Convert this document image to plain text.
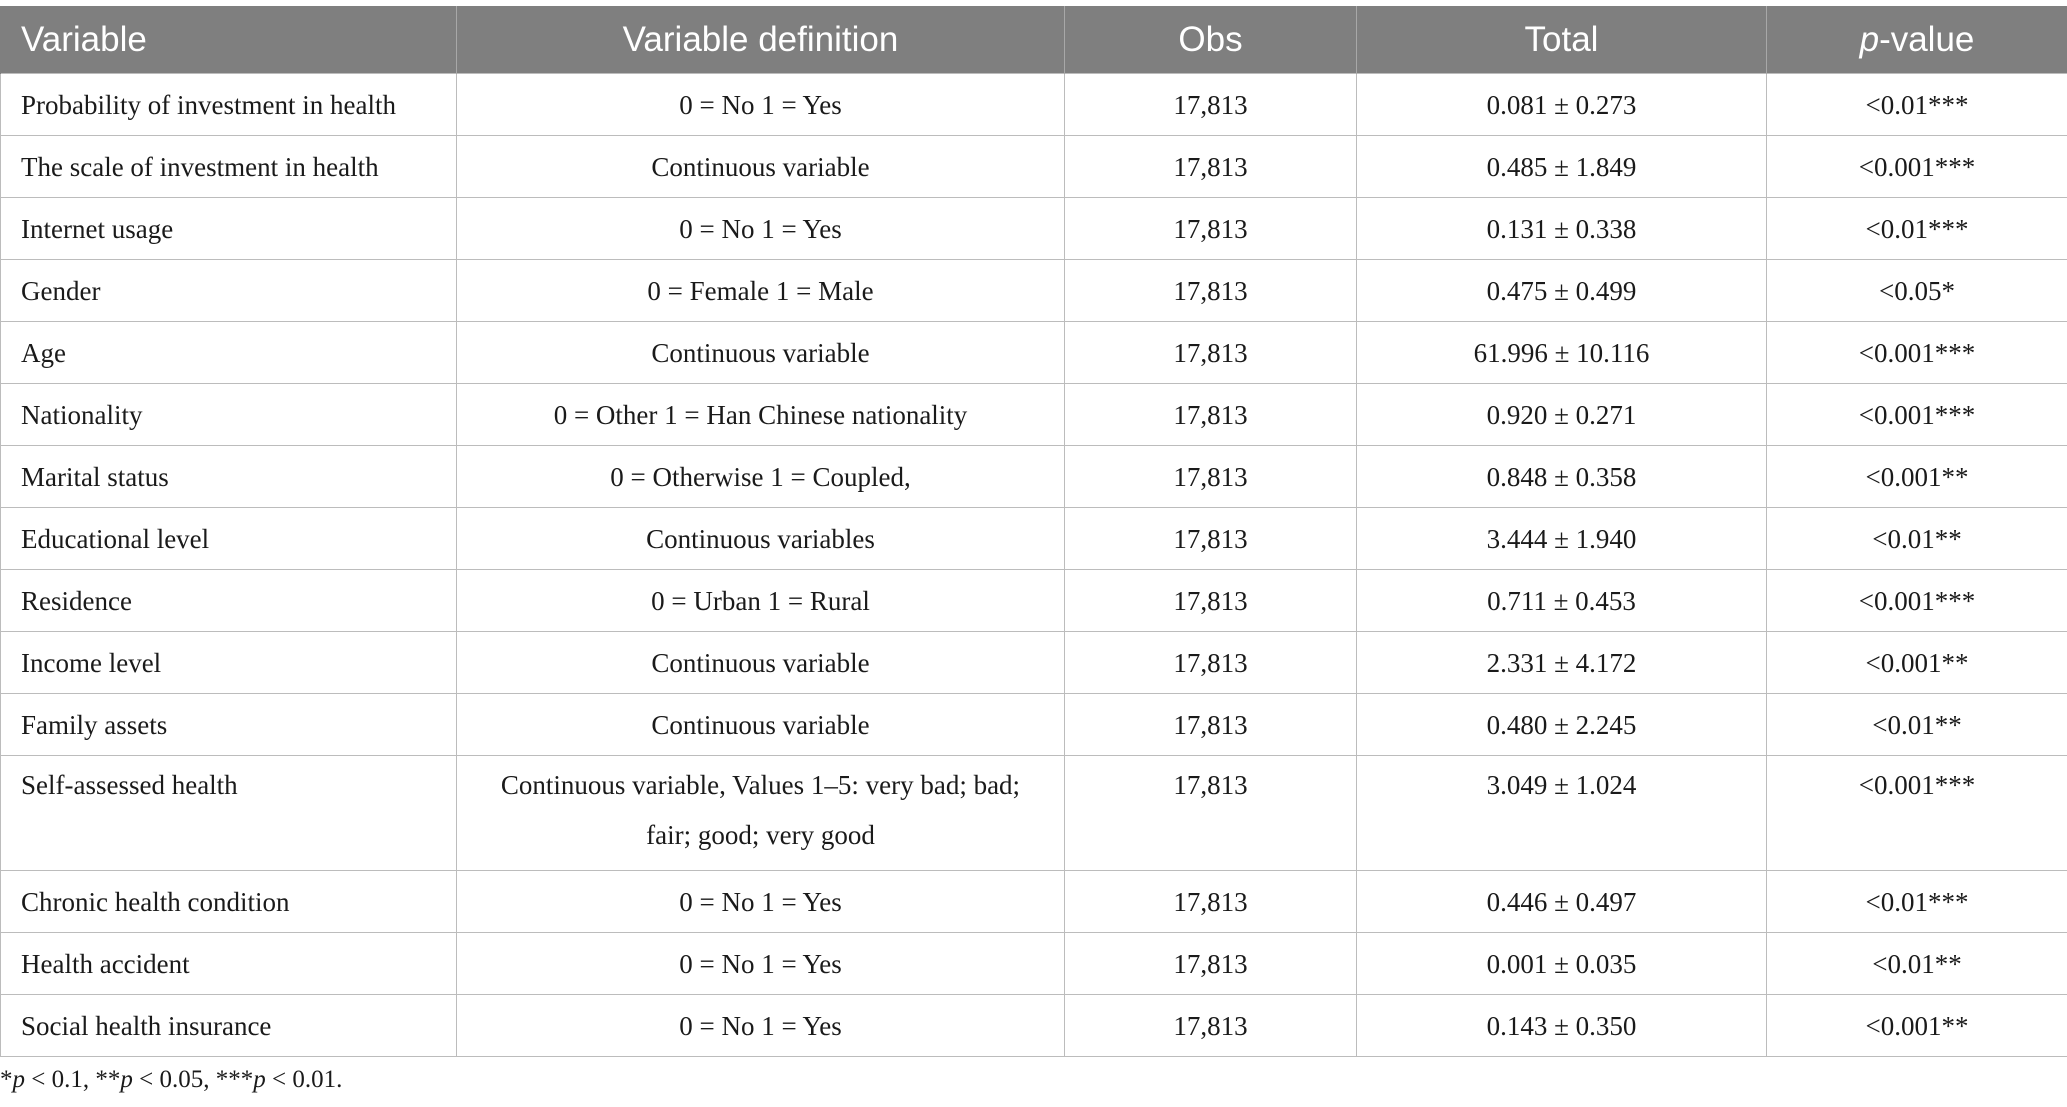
Variable	Variable definition	Obs	Total	p-value
Probability of investment in health	0 = No 1 = Yes	17,813	0.081 ± 0.273	<0.01***
The scale of investment in health	Continuous variable	17,813	0.485 ± 1.849	<0.001***
Internet usage	0 = No 1 = Yes	17,813	0.131 ± 0.338	<0.01***
Gender	0 = Female 1 = Male	17,813	0.475 ± 0.499	<0.05*
Age	Continuous variable	17,813	61.996 ± 10.116	<0.001***
Nationality	0 = Other 1 = Han Chinese nationality	17,813	0.920 ± 0.271	<0.001***
Marital status	0 = Otherwise 1 = Coupled,	17,813	0.848 ± 0.358	<0.001**
Educational level	Continuous variables	17,813	3.444 ± 1.940	<0.01**
Residence	0 = Urban 1 = Rural	17,813	0.711 ± 0.453	<0.001***
Income level	Continuous variable	17,813	2.331 ± 4.172	<0.001**
Family assets	Continuous variable	17,813	0.480 ± 2.245	<0.01**
Self-assessed health	Continuous variable, Values 1–5: very bad; bad;
fair; good; very good	17,813	3.049 ± 1.024	<0.001***
Chronic health condition	0 = No 1 = Yes	17,813	0.446 ± 0.497	<0.01***
Health accident	0 = No 1 = Yes	17,813	0.001 ± 0.035	<0.01**
Social health insurance	0 = No 1 = Yes	17,813	0.143 ± 0.350	<0.001**
*p < 0.1, **p < 0.05, ***p < 0.01.
